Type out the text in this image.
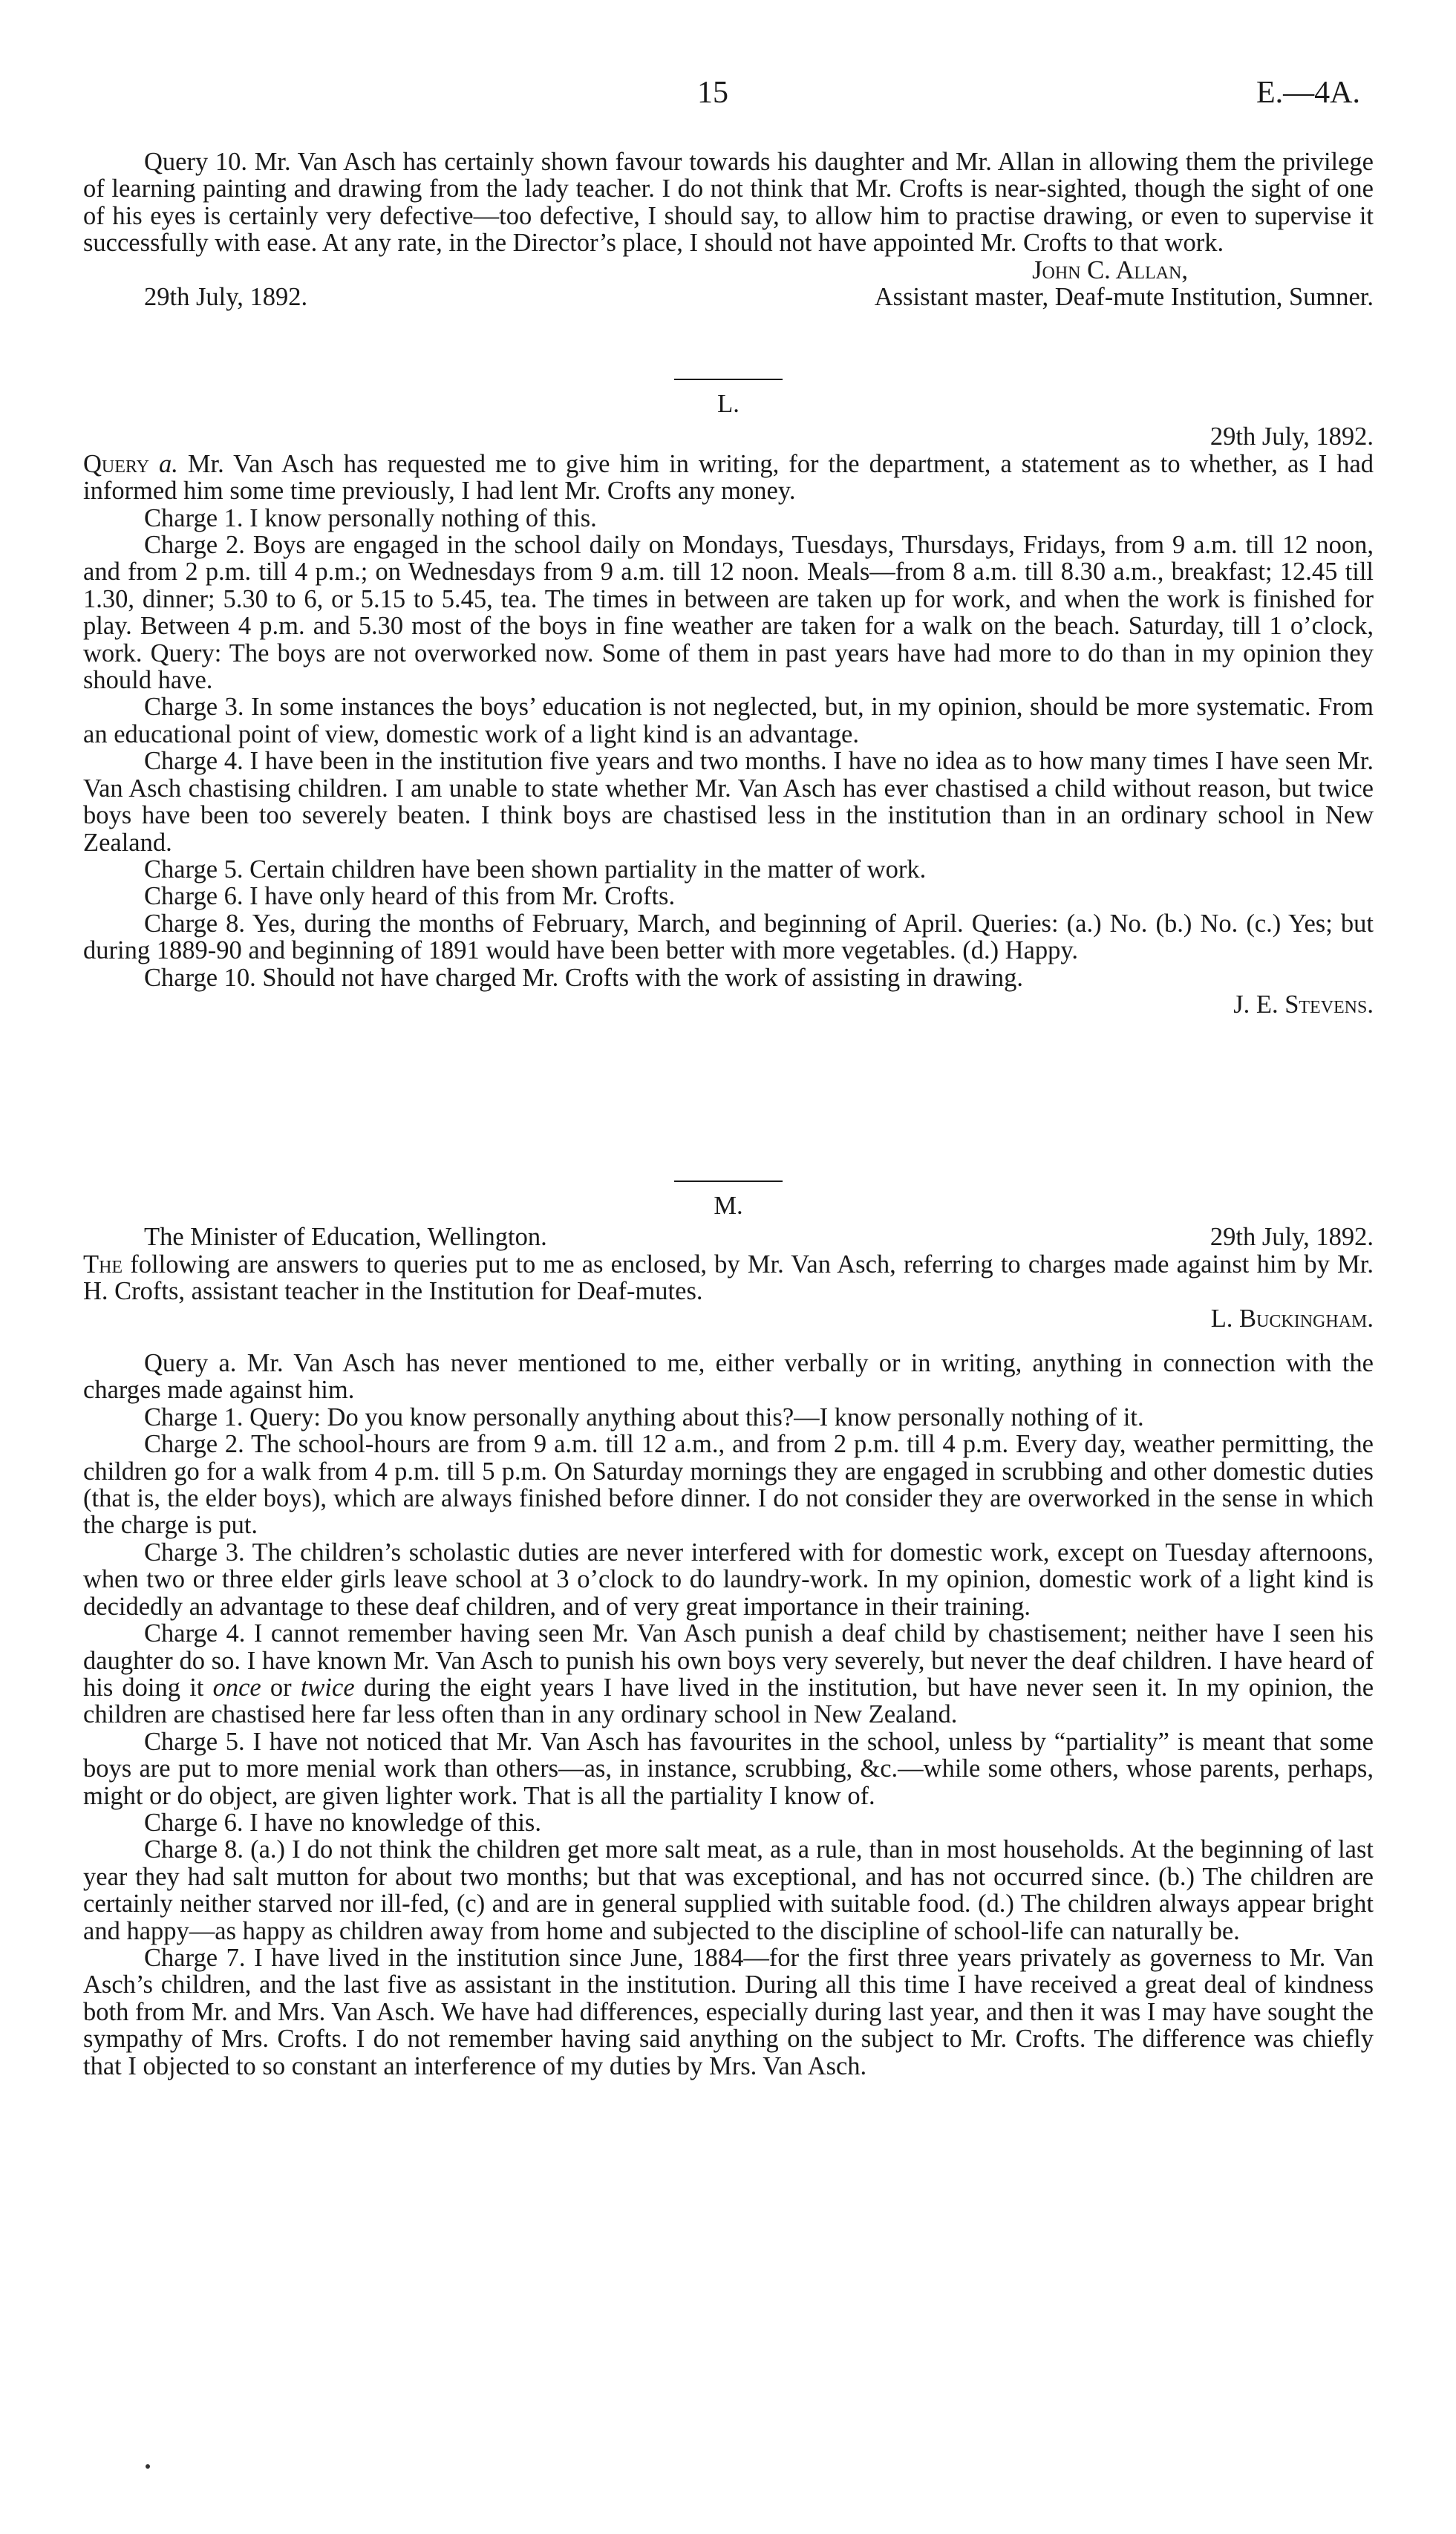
15	E.—4A.

Query 10. Mr. Van Asch has certainly shown favour towards his daughter and Mr. Allan in allowing them the privilege of learning painting and drawing from the lady teacher. I do not think that Mr. Crofts is near-sighted, though the sight of one of his eyes is certainly very defective—too defective, I should say, to allow him to practise drawing, or even to supervise it successfully with ease. At any rate, in the Director’s place, I should not have appointed Mr. Crofts to that work.

John C. Allan,
29th July, 1892.	Assistant master, Deaf-mute Institution, Sumner.
L.
29th July, 1892.

Query a. Mr. Van Asch has requested me to give him in writing, for the department, a statement as to whether, as I had informed him some time previously, I had lent Mr. Crofts any money.

Charge 1. I know personally nothing of this.

Charge 2. Boys are engaged in the school daily on Mondays, Tuesdays, Thursdays, Fridays, from 9 a.m. till 12 noon, and from 2 p.m. till 4 p.m.; on Wednesdays from 9 a.m. till 12 noon. Meals—from 8 a.m. till 8.30 a.m., breakfast; 12.45 till 1.30, dinner; 5.30 to 6, or 5.15 to 5.45, tea. The times in between are taken up for work, and when the work is finished for play. Between 4 p.m. and 5.30 most of the boys in fine weather are taken for a walk on the beach. Saturday, till 1 o’clock, work. Query: The boys are not overworked now. Some of them in past years have had more to do than in my opinion they should have.

Charge 3. In some instances the boys’ education is not neglected, but, in my opinion, should be more systematic. From an educational point of view, domestic work of a light kind is an advantage.

Charge 4. I have been in the institution five years and two months. I have no idea as to how many times I have seen Mr. Van Asch chastising children. I am unable to state whether Mr. Van Asch has ever chastised a child without reason, but twice boys have been too severely beaten. I think boys are chastised less in the institution than in an ordinary school in New Zealand.

Charge 5. Certain children have been shown partiality in the matter of work.

Charge 6. I have only heard of this from Mr. Crofts.

Charge 8. Yes, during the months of February, March, and beginning of April. Queries: (a.) No. (b.) No. (c.) Yes; but during 1889-90 and beginning of 1891 would have been better with more vegetables. (d.) Happy.

Charge 10. Should not have charged Mr. Crofts with the work of assisting in drawing.

J. E. Stevens.
M.
The Minister of Education, Wellington.	29th July, 1892.

The following are answers to queries put to me as enclosed, by Mr. Van Asch, referring to charges made against him by Mr. H. Crofts, assistant teacher in the Institution for Deaf-mutes.

L. Buckingham.

Query a. Mr. Van Asch has never mentioned to me, either verbally or in writing, anything in connection with the charges made against him.

Charge 1. Query: Do you know personally anything about this?—I know personally nothing of it.

Charge 2. The school-hours are from 9 a.m. till 12 a.m., and from 2 p.m. till 4 p.m. Every day, weather permitting, the children go for a walk from 4 p.m. till 5 p.m. On Saturday mornings they are engaged in scrubbing and other domestic duties (that is, the elder boys), which are always finished before dinner. I do not consider they are overworked in the sense in which the charge is put.

Charge 3. The children’s scholastic duties are never interfered with for domestic work, except on Tuesday afternoons, when two or three elder girls leave school at 3 o’clock to do laundry-work. In my opinion, domestic work of a light kind is decidedly an advantage to these deaf children, and of very great importance in their training.

Charge 4. I cannot remember having seen Mr. Van Asch punish a deaf child by chastisement; neither have I seen his daughter do so. I have known Mr. Van Asch to punish his own boys very severely, but never the deaf children. I have heard of his doing it once or twice during the eight years I have lived in the institution, but have never seen it. In my opinion, the children are chastised here far less often than in any ordinary school in New Zealand.

Charge 5. I have not noticed that Mr. Van Asch has favourites in the school, unless by “partiality” is meant that some boys are put to more menial work than others—as, in instance, scrubbing, &c.—while some others, whose parents, perhaps, might or do object, are given lighter work. That is all the partiality I know of.

Charge 6. I have no knowledge of this.

Charge 8. (a.) I do not think the children get more salt meat, as a rule, than in most households. At the beginning of last year they had salt mutton for about two months; but that was exceptional, and has not occurred since. (b.) The children are certainly neither starved nor ill-fed, (c) and are in general supplied with suitable food. (d.) The children always appear bright and happy—as happy as children away from home and subjected to the discipline of school-life can naturally be.

Charge 7. I have lived in the institution since June, 1884—for the first three years privately as governess to Mr. Van Asch’s children, and the last five as assistant in the institution. During all this time I have received a great deal of kindness both from Mr. and Mrs. Van Asch. We have had differences, especially during last year, and then it was I may have sought the sympathy of Mrs. Crofts. I do not remember having said anything on the subject to Mr. Crofts. The difference was chiefly that I objected to so constant an interference of my duties by Mrs. Van Asch.
